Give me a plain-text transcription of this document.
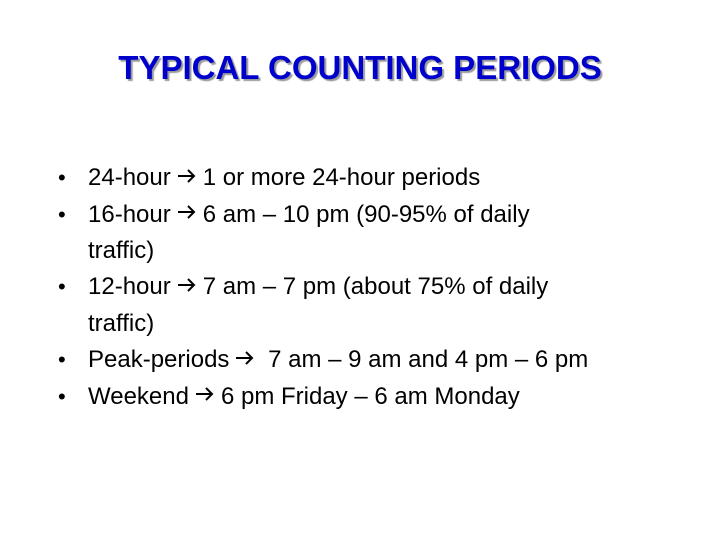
TYPICAL COUNTING PERIODS
• 24-hour 1 or more 24-hour periods
• 16-hour 6 am – 10 pm (90-95% of daily
traffic)
• 12-hour 7 am – 7 pm (about 75% of daily
traffic)
• Peak-periods 7 am – 9 am and 4 pm – 6 pm
• Weekend 6 pm Friday – 6 am Monday
